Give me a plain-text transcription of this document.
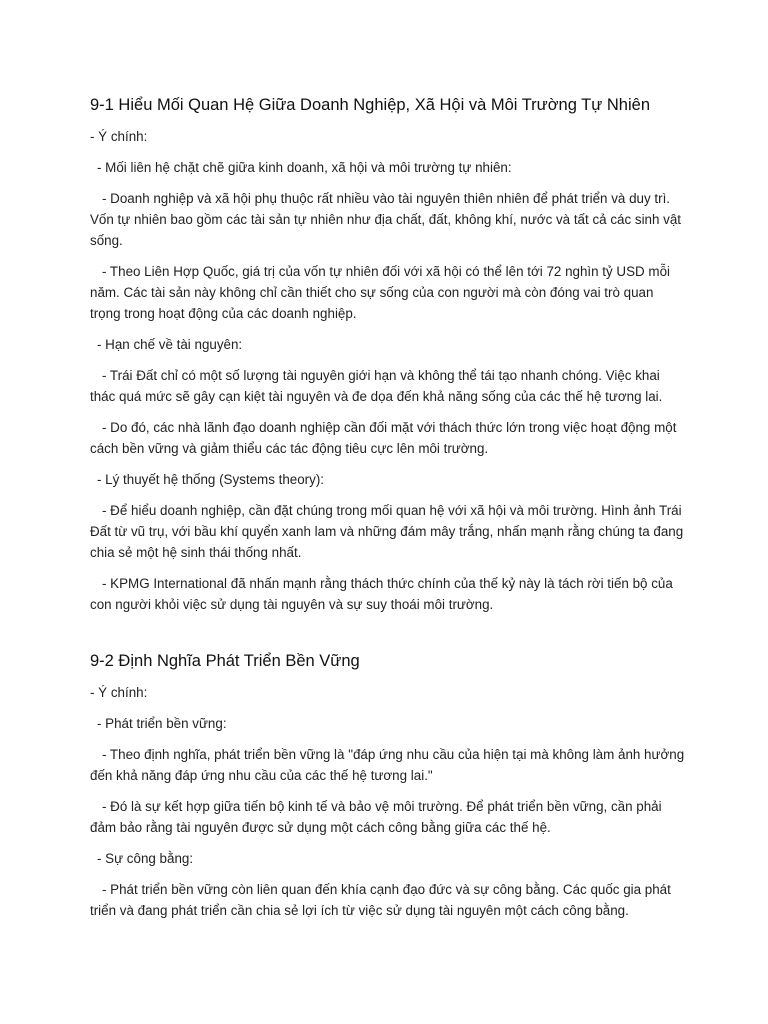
9-1 Hiểu Mối Quan Hệ Giữa Doanh Nghiệp, Xã Hội và Môi Trường Tự Nhiên

- Ý chính:

- Mối liên hệ chặt chẽ giữa kinh doanh, xã hội và môi trường tự nhiên:

- Doanh nghiệp và xã hội phụ thuộc rất nhiều vào tài nguyên thiên nhiên để phát triển và duy trì. Vốn tự nhiên bao gồm các tài sản tự nhiên như địa chất, đất, không khí, nước và tất cả các sinh vật sống.

- Theo Liên Hợp Quốc, giá trị của vốn tự nhiên đối với xã hội có thể lên tới 72 nghìn tỷ USD mỗi năm. Các tài sản này không chỉ cần thiết cho sự sống của con người mà còn đóng vai trò quan trọng trong hoạt động của các doanh nghiệp.

- Hạn chế về tài nguyên:

- Trái Đất chỉ có một số lượng tài nguyên giới hạn và không thể tái tạo nhanh chóng. Việc khai thác quá mức sẽ gây cạn kiệt tài nguyên và đe dọa đến khả năng sống của các thế hệ tương lai.

- Do đó, các nhà lãnh đạo doanh nghiệp cần đối mặt với thách thức lớn trong việc hoạt động một cách bền vững và giảm thiểu các tác động tiêu cực lên môi trường.

- Lý thuyết hệ thống (Systems theory):

- Để hiểu doanh nghiệp, cần đặt chúng trong mối quan hệ với xã hội và môi trường. Hình ảnh Trái Đất từ vũ trụ, với bầu khí quyển xanh lam và những đám mây trắng, nhấn mạnh rằng chúng ta đang chia sẻ một hệ sinh thái thống nhất.

- KPMG International đã nhấn mạnh rằng thách thức chính của thế kỷ này là tách rời tiến bộ của con người khỏi việc sử dụng tài nguyên và sự suy thoái môi trường.

9-2 Định Nghĩa Phát Triển Bền Vững

- Ý chính:

- Phát triển bền vững:

- Theo định nghĩa, phát triển bền vững là "đáp ứng nhu cầu của hiện tại mà không làm ảnh hưởng đến khả năng đáp ứng nhu cầu của các thế hệ tương lai."

- Đó là sự kết hợp giữa tiến bộ kinh tế và bảo vệ môi trường. Để phát triển bền vững, cần phải đảm bảo rằng tài nguyên được sử dụng một cách công bằng giữa các thế hệ.

- Sự công bằng:

- Phát triển bền vững còn liên quan đến khía cạnh đạo đức và sự công bằng. Các quốc gia phát triển và đang phát triển cần chia sẻ lợi ích từ việc sử dụng tài nguyên một cách công bằng.
